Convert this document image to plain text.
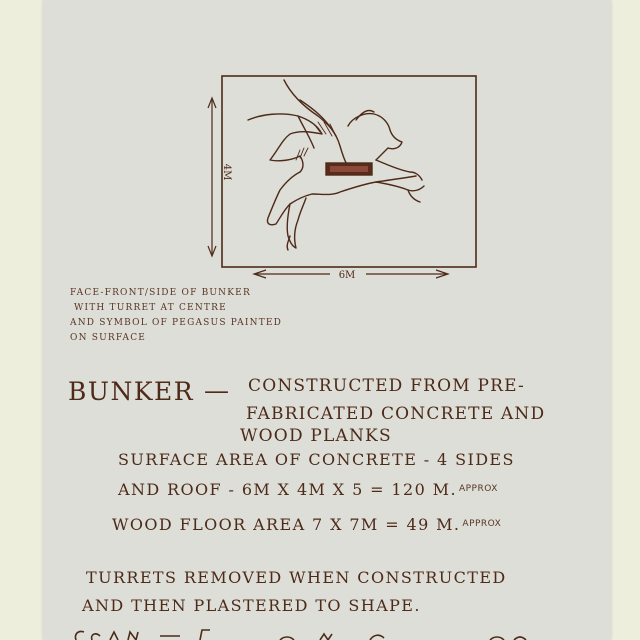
4M
6M
FACE-FRONT/SIDE OF BUNKER
WITH TURRET AT CENTRE
AND SYMBOL OF PEGASUS PAINTED
ON SURFACE
BUNKER — CONSTRUCTED FROM PRE-
FABRICATED CONCRETE AND
WOOD PLANKS
SURFACE AREA OF CONCRETE - 4 SIDES
AND ROOF - 6M X 4M X 5 = 120 M. $^{APPROX}$
WOOD FLOOR AREA 7 X 7M = 49 M. $^{APPROX}$
TURRETS REMOVED WHEN CONSTRUCTED
AND THEN PLASTERED TO SHAPE.
